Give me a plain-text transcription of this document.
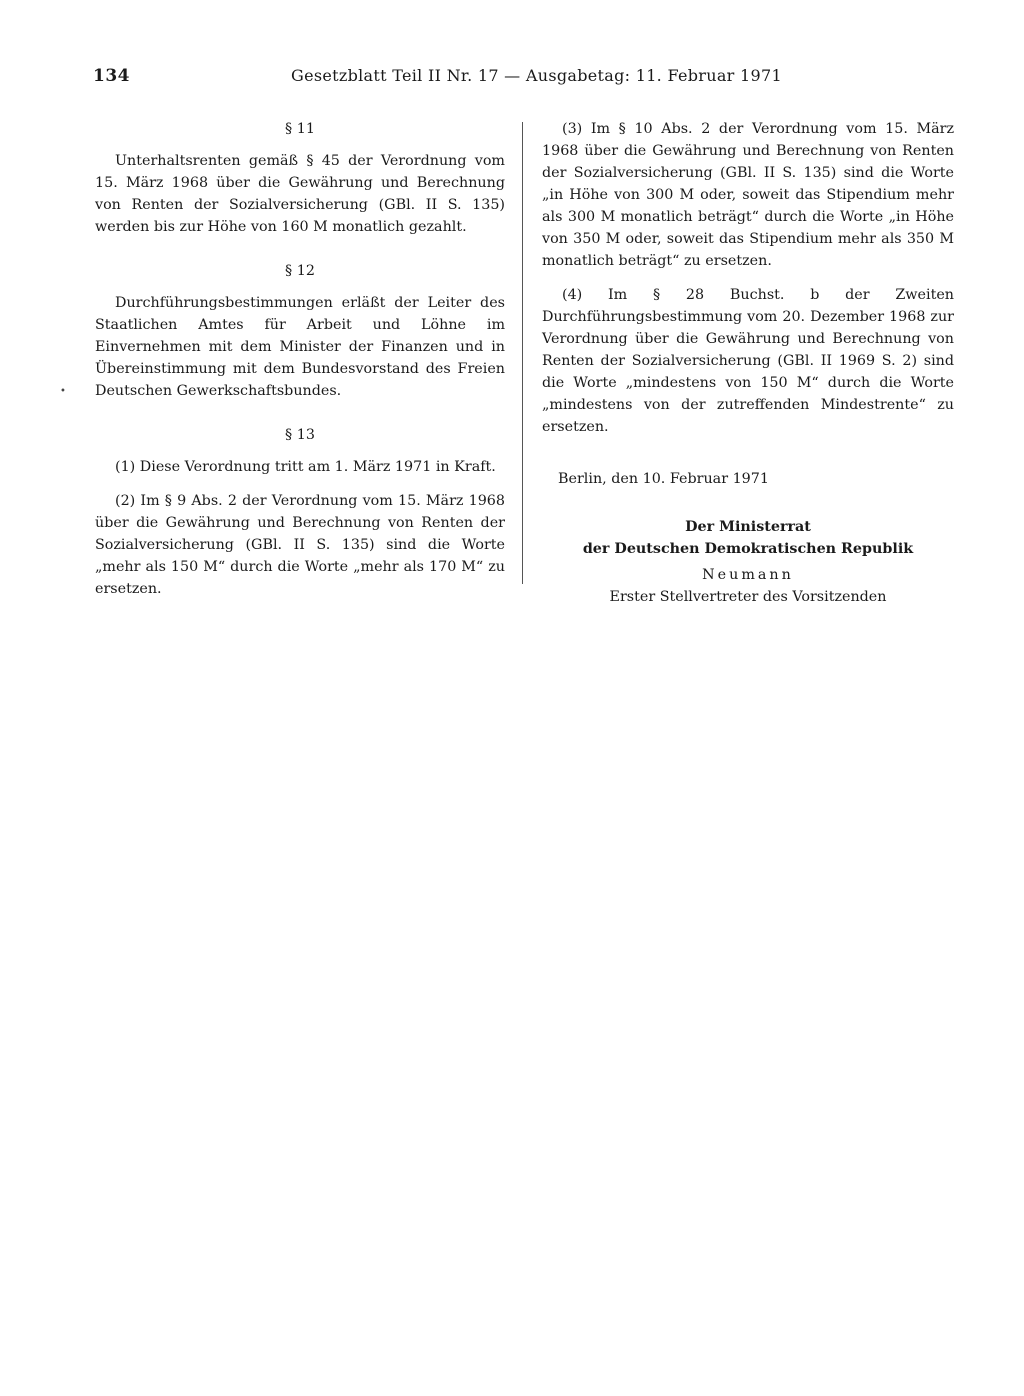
134	Gesetzblatt Teil II Nr. 17 — Ausgabetag: 11. Februar 1971
§ 11

Unterhaltsrenten gemäß § 45 der Verordnung vom 15. März 1968 über die Gewährung und Berechnung von Renten der Sozialversicherung (GBl. II S. 135) werden bis zur Höhe von 160 M monatlich gezahlt.

§ 12

Durchführungsbestimmungen erläßt der Leiter des Staatlichen Amtes für Arbeit und Löhne im Einvernehmen mit dem Minister der Finanzen und in Übereinstimmung mit dem Bundesvorstand des Freien Deutschen Gewerkschaftsbundes.

§ 13

(1) Diese Verordnung tritt am 1. März 1971 in Kraft.

(2) Im § 9 Abs. 2 der Verordnung vom 15. März 1968 über die Gewährung und Berechnung von Renten der Sozialversicherung (GBl. II S. 135) sind die Worte „mehr als 150 M“ durch die Worte „mehr als 170 M“ zu ersetzen.

(3) Im § 10 Abs. 2 der Verordnung vom 15. März 1968 über die Gewährung und Berechnung von Renten der Sozialversicherung (GBl. II S. 135) sind die Worte „in Höhe von 300 M oder, soweit das Stipendium mehr als 300 M monatlich beträgt“ durch die Worte „in Höhe von 350 M oder, soweit das Stipendium mehr als 350 M monatlich beträgt“ zu ersetzen.

(4) Im § 28 Buchst. b der Zweiten Durchführungsbestimmung vom 20. Dezember 1968 zur Verordnung über die Gewährung und Berechnung von Renten der Sozialversicherung (GBl. II 1969 S. 2) sind die Worte „mindestens von 150 M“ durch die Worte „mindestens von der zutreffenden Mindestrente“ zu ersetzen.

Berlin, den 10. Februar 1971
Der Ministerrat
der Deutschen Demokratischen Republik
Neumann
Erster Stellvertreter des Vorsitzenden
•
